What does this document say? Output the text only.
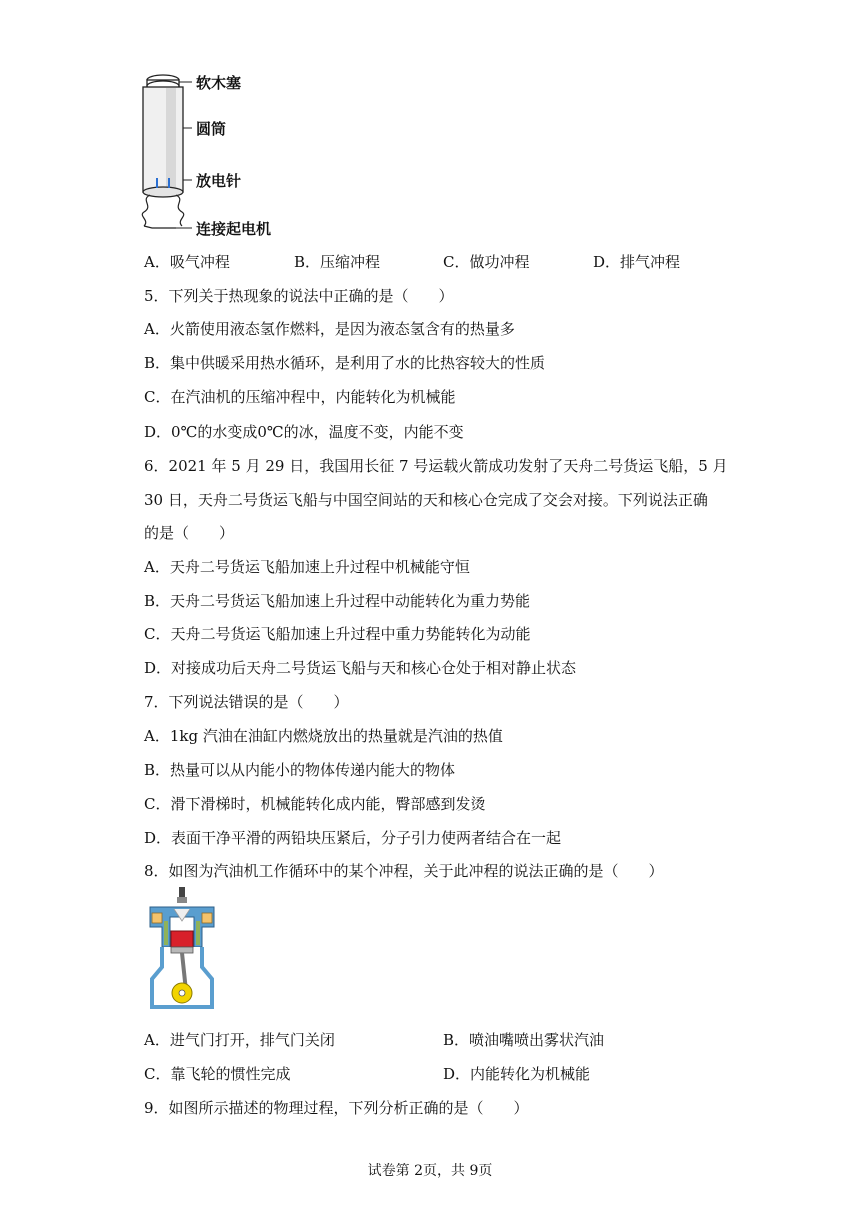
软木塞
圆筒
放电针
连接起电机
A．吸气冲程	B．压缩冲程	C．做功冲程	D．排气冲程
5．下列关于热现象的说法中正确的是（　　）
A．火箭使用液态氢作燃料，是因为液态氢含有的热量多
B．集中供暖采用热水循环，是利用了水的比热容较大的性质
C．在汽油机的压缩冲程中，内能转化为机械能
D．0℃的水变成0℃的冰，温度不变，内能不变
6．2021 年 5 月 29 日，我国用长征 7 号运载火箭成功发射了天舟二号货运飞船，5 月
30 日，天舟二号货运飞船与中国空间站的天和核心仓完成了交会对接。下列说法正确
的是（　　）
A．天舟二号货运飞船加速上升过程中机械能守恒
B．天舟二号货运飞船加速上升过程中动能转化为重力势能
C．天舟二号货运飞船加速上升过程中重力势能转化为动能
D．对接成功后天舟二号货运飞船与天和核心仓处于相对静止状态
7．下列说法错误的是（　　）
A．1kg 汽油在油缸内燃烧放出的热量就是汽油的热值
B．热量可以从内能小的物体传递内能大的物体
C．滑下滑梯时，机械能转化成内能，臀部感到发烫
D．表面干净平滑的两铅块压紧后，分子引力使两者结合在一起
8．如图为汽油机工作循环中的某个冲程，关于此冲程的说法正确的是（　　）
A．进气门打开，排气门关闭	B．喷油嘴喷出雾状汽油
C．靠飞轮的惯性完成	D．内能转化为机械能
9．如图所示描述的物理过程，下列分析正确的是（　　）
试卷第 2页，共 9页
